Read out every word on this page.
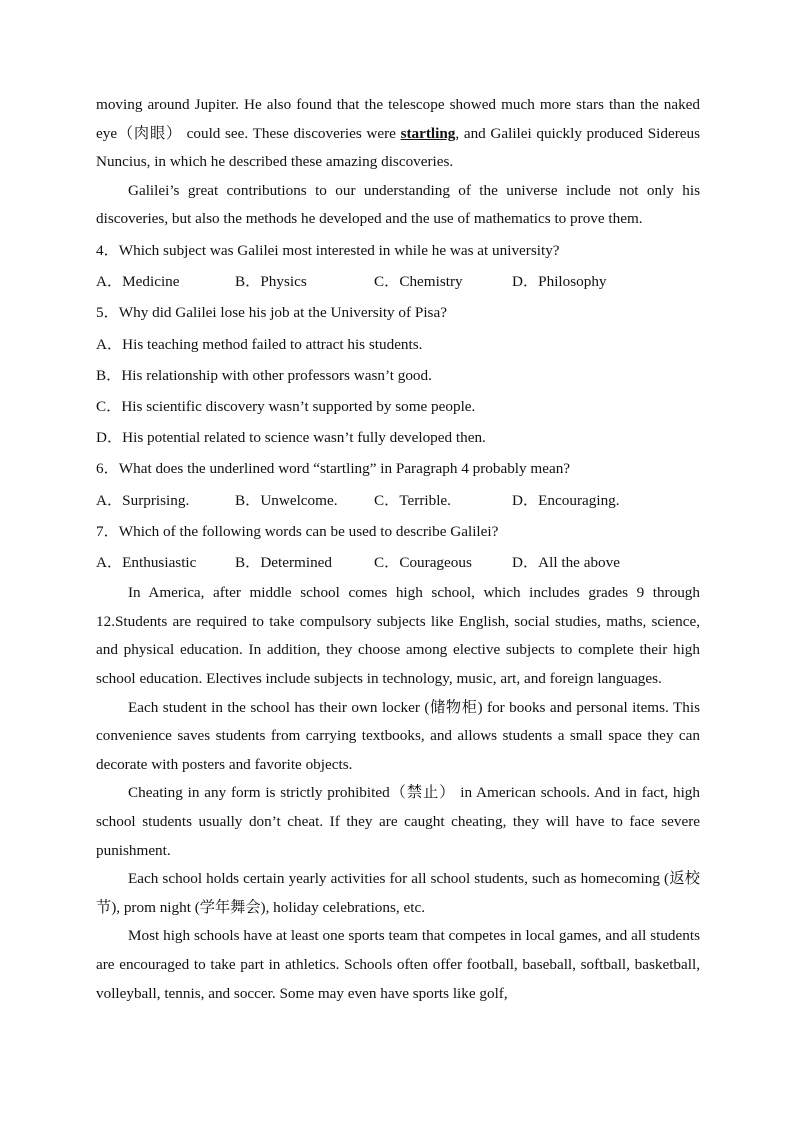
moving around Jupiter. He also found that the telescope showed much more stars than the naked eye（肉眼） could see. These discoveries were startling, and Galilei quickly produced Sidereus Nuncius, in which he described these amazing discoveries.

Galilei’s great contributions to our understanding of the universe include not only his discoveries, but also the methods he developed and the use of mathematics to prove them.

4．Which subject was Galilei most interested in while he was at university?

A．Medicine	B．Physics	C．Chemistry	D．Philosophy

5．Why did Galilei lose his job at the University of Pisa?

A．His teaching method failed to attract his students.

B．His relationship with other professors wasn’t good.

C．His scientific discovery wasn’t supported by some people.

D．His potential related to science wasn’t fully developed then.

6．What does the underlined word “startling” in Paragraph 4 probably mean?

A．Surprising.	B．Unwelcome.	C．Terrible.	D．Encouraging.

7．Which of the following words can be used to describe Galilei?

A．Enthusiastic	B．Determined	C．Courageous	D．All the above

In America, after middle school comes high school, which includes grades 9 through 12.Students are required to take compulsory subjects like English, social studies, maths, science, and physical education. In addition, they choose among elective subjects to complete their high school education. Electives include subjects in technology, music, art, and foreign languages.

Each student in the school has their own locker (储物柜) for books and personal items. This convenience saves students from carrying textbooks, and allows students a small space they can decorate with posters and favorite objects.

Cheating in any form is strictly prohibited（禁止） in American schools. And in fact, high school students usually don’t cheat. If they are caught cheating, they will have to face severe punishment.

Each school holds certain yearly activities for all school students, such as homecoming (返校节), prom night (学年舞会), holiday celebrations, etc.

Most high schools have at least one sports team that competes in local games, and all students are encouraged to take part in athletics. Schools often offer football, baseball, softball, basketball, volleyball, tennis, and soccer. Some may even have sports like golf,
